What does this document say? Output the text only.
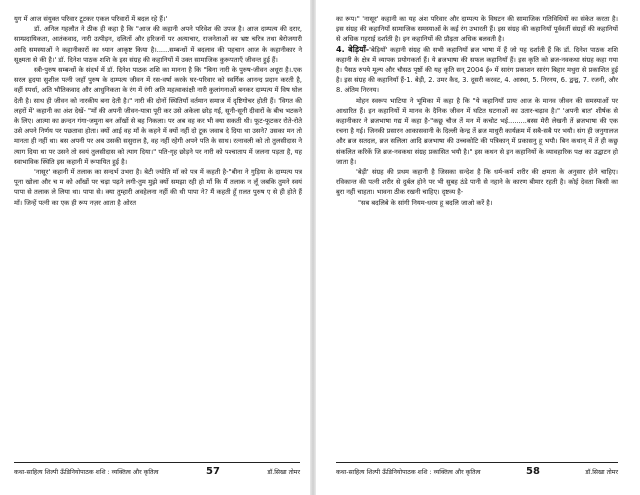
युग में आज संयुक्त परिवार टूटकर एकल परिवारों में बदल रहे हैं।'

डॉ. अनिल गहलौत ने ठीक ही कहा है कि "आज की कहानी अपने परिवेश की उपज है। आज दाम्पत्य की दरार, साम्प्रदायिकता, आतंकवाद, नारी उत्पीड़न, दलितों और हरिजनों पर अत्याचार, राजनेताओं का भ्रष्ट चरित्र तथा बेरोजगारी आदि समस्याओं ने कहानीकारों का ध्यान आकृष्ट किया है।......सम्बन्धों में बदलाव की पहचान आज के कहानीकार ने सूक्ष्मता से की है।' डॉ. दिनेश पाठक शशि के इस संग्रह की कहानियों में उक्त सामाजिक कुरूपताएँ जीवन्त हुई हैं।

स्त्री-पुरुष सम्बन्धों के संदर्भ में डॉ. दिनेश पाठक शशि का मानना है कि "बिना नारी के पुरुष-जीवन अधूरा है।.एक सरल हृदया सुशील पत्नी जहाँ पुरुष के दाम्पत्य जीवन में रस-वर्षा करके घर-परिवार को स्वर्गिक आनन्द प्रदान करती है, वहीं स्पर्धा, अति भौतिकवाद और आधुनिकता के रंग में रंगी अति महत्वाकांक्षी नारी कुलांगनाओं बनकर दाम्पत्य में विष घोल देती है। साथ ही जीवन को नारकीय बना देती है।" नारी की दोनों स्थितियाँ वर्तमान समाज में दृष्टिगोचर होती हैं। 'विगत की लहरों में' कहानी का अंश देखें- "माँ की अपनी जीवन-यात्रा पूरी कर उसे अकेला छोड़ गईं, सूनी-सूनी दीवारों के बीच भटकने के लिए। आत्मा का क्रन्दन गंगा-जमुना बन आँखों से बह निकला। पर अब वह कर भी क्या सकती थी। फूट-फूटकर रोते-रोते उसे अपने निर्णय पर पछतावा होता। क्यों आई वह माँ के कहने में क्यों नहीं दो टूक जवाब दे दिया था उसने? उसका मन तो मानता ही नहीं था। बस अपनी पर अब उसकी ससुराल है, वह नहीं रहेगी अपने पति के साथ। रत्नावली को तो तुलसीदास ने त्याग दिया था पर उसने तो स्वयं तुलसीदास को त्याग दिया।" पति-गृह छोड़ने पर नारी को पश्चाताप में जलना पड़ता है, यह स्वाभाविक स्थिति इस कहानी में रूपायित हुई है।

'नासूर' कहानी में तलाक का सन्दर्भ उभरा है। बेटी ज्योति माँ को पत्र में कहती है-"बीना ने गुड़िया के दाम्पत्य पत्र पूना खोला और च म को आँखों पर चढ़ा पढ़ने लगी-तुम मुझे क्यों समझा रही हो माँ कि मैं तलाक न लूँ जबकि तुमने स्वयं पापा से तलाक ले लिया था। पापा से। क्या तुम्हारी अवहेलना नहीं की थी पापा ने? मैं कहती हूँ ग़लत पुरुष ए से ही होते हैं माँ। जिन्हें पत्नी का एक ही रूप नज़र आता है ओरत

कथा-साहित्य शिल्पी ऊँडिनियोपाठक शशि : व्यक्तित्व और कृतित्व	57	डॉ.सिखा तोमर

का रूप।" 'नासूर' कहानी का यह अंश परिवार और दाम्पत्य के विघटन की सामाजिक गतिविधियों का संकेत करता है। इस संग्रह की कहानियाँ सामाजिक समस्याओं के कई रंग उभारती हैं। इस संग्रह की कहानियाँ पूर्ववर्ती संग्रहों की कहानियों से अधिक गहराई दर्शाती है। इन कहानियों की प्रौढ़ता अधिक बलवती है।

4. बेड़ियाँ-'बेड़ियाँ' कहानी संग्रह की सभी कहानियाँ ब्रज भाषा में हैं जो यह दर्शाती हैं कि डॉ. दिनेश पाठक शशि कहानी के क्षेत्र में व्यापक प्रयोगकर्ता हैं। ये ब्रजभाषा की सफल कहानियाँ हैं। इस कृति को ब्रज-नवकथा संग्रह कहा गया है। पैसठ रुपये मूल्य और चौसठ पृष्ठों की यह कृति सन् 2004 ई० में सारंग प्रकाशन सारंग बिहार मथुरा से प्रकाशित हुई है। इस संग्रह की कहानियाँ हैं-1. बेड़ी, 2. उमर कैद, 3. दूसरी करवट, 4. आस्था, 5. निरनय, 6. द्वन्द्व, 7. रजनी, और 8. अंतिम निरनय।

मोहन स्वरूप भाटिया ने भूमिका में कहा है कि "ये कहानियाँ प्रायः आज के मानव जीवन की समस्याओं पर आधारित हैं। इन कहानियों में मानव के दैनिक जीवन में घटित घटनाओं का उतार-चढ़ाव है।" 'अपनी बात' शीर्षक से कहानीकार ने ब्रजभाषा गद्य में कहा है-"कछू चौज तें मन में कचोट भई.........बस्स मेरी लेखनी तें ब्रजभाषा की एक रचना है गई। जिनकी प्रसारन आकासवानी के दिल्ली केन्द्र तें ब्रज माधुरी कार्यक्रम में सबै-सबै पर भयौ। संग ही जनुगालज और ब्रज सतदल, ब्रज सलिला आदि ब्रजभाषा की उच्चकोटि की पत्रिकान् में प्रकासनु हू भयौ। बिन कथान् में तें ही कछु संकलित करिकें जि ब्रज-नवकथा संग्रह प्रकासित भयौ है।" इस कथन से इन कहानियों के व्यावहारिक पक्ष का उद्घाटन हो जाता है।

'बेड़ी' संग्रह की प्रथम कहानी है जिसका सन्देश है कि धर्म-कर्म शरीर की क्षमता के अनुसार होने चाहिए। रविकान्त की पत्नी शरीर से दुर्बल होने पर भी सुबह ठंडे पानी से नहाने के कारण बीमार रहती है। कोई देवता किसी का बुरा नहीं चाहता। भावना ठीक रखनी चाहिए। दृष्टव्य है-

"सब बदलिबे के सांगी नियम-धरम हू बदलि जाओ करें है।

कथा-साहित्य शिल्पी ऊँडिनियोपाठक शशि : व्यक्तित्व और कृतित्व	58	डॉ.सिखा तोमर
